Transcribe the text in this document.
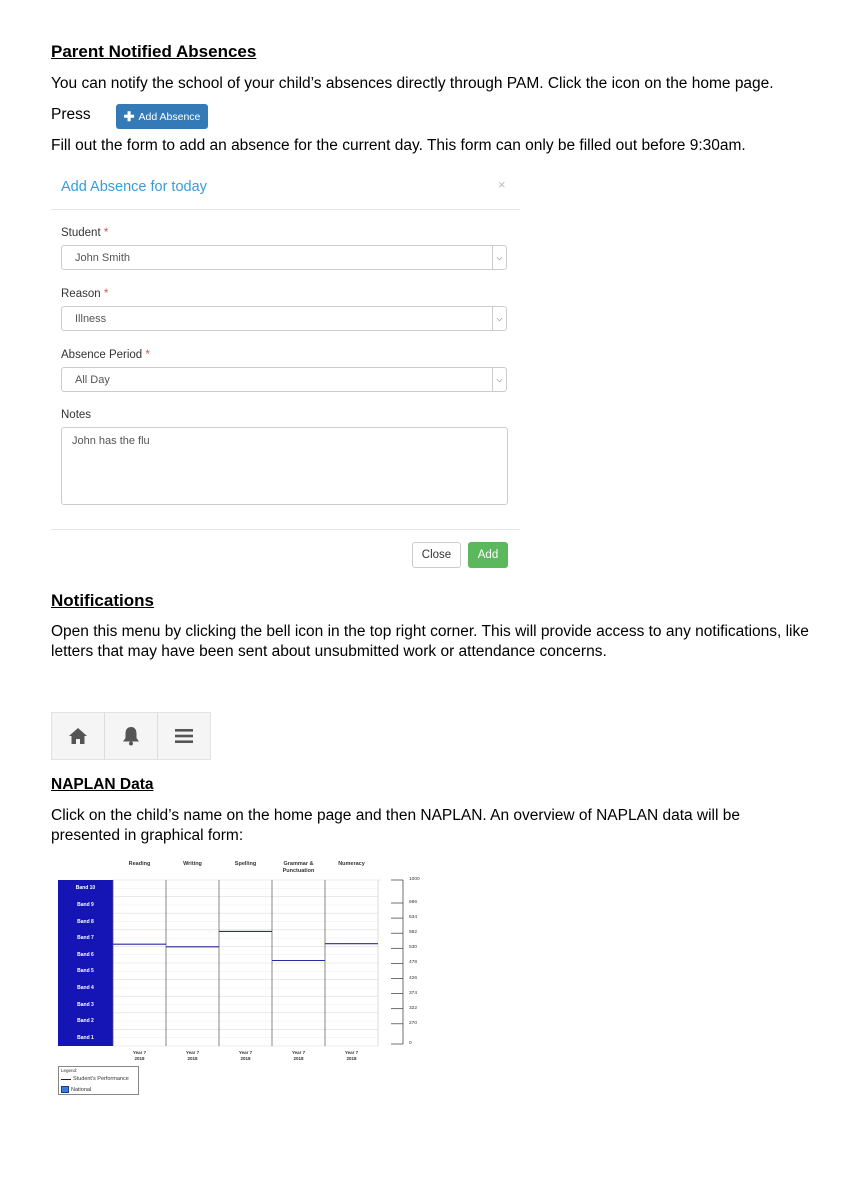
Parent Notified Absences
You can notify the school of your child’s absences directly through PAM. Click the icon on the home page.
Press	✚ Add Absence
Fill out the form to add an absence for the current day. This form can only be filled out before 9:30am.
Add Absence for today	×
Student *
John Smith	⌵
Reason *
Illness	⌵
Absence Period *
All Day	⌵
Notes
John has the flu
Close	Add
Notifications
Open this menu by clicking the bell icon in the top right corner. This will provide access to any notifications, like letters that may have been sent about unsubmitted work or attendance concerns.
NAPLAN Data
Click on the child’s name on the home page and then NAPLAN. An overview of NAPLAN data will be presented in graphical form:
Legend:
Student's Performance
National
1000
686
634
582
530
478
426
374
322
270
0
Band 10
Band 9
Band 8
Band 7
Band 6
Band 5
Band 4
Band 3
Band 2
Band 1
Reading	Writing	Spelling	Grammar & Punctuation
Numeracy
Year 7
2018
Year 7
2018
Year 7
2018
Year 7
2018
Year 7
2018
